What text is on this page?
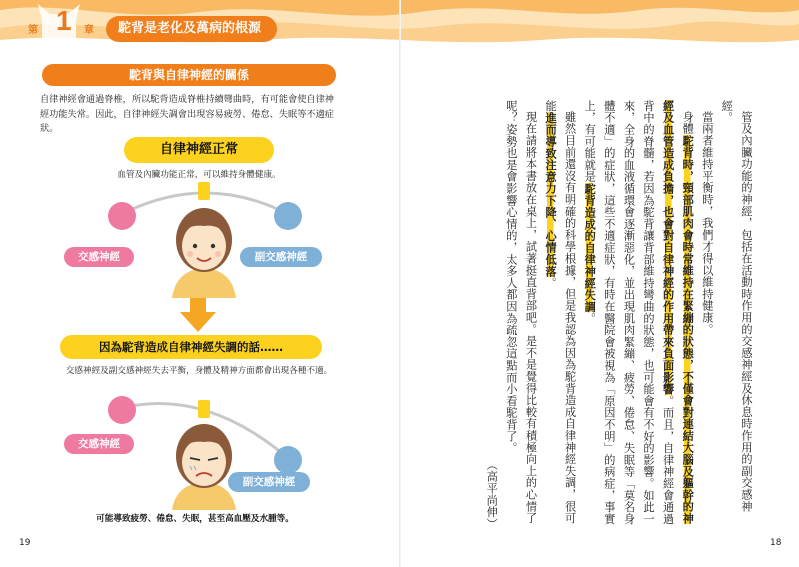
第 1 章	駝背是老化及萬病的根源
駝背與自律神經的關係
自律神經會通過脊椎，所以駝背造成脊椎持續彎曲時，有可能會使自律神經功能失常。因此，自律神經失調會出現容易疲勞、倦怠、失眠等不適症狀。
自律神經正常
血管及內臟功能正常，可以維持身體健康。
交感神經	副交感神經
因為駝背造成自律神經失調的話……
交感神經及副交感神經失去平衡，身體及精神方面都會出現各種不適。
交感神經
副交感神經
可能導致疲勞、倦怠、失眠，甚至高血壓及水腫等。
19

管及內臟功能的神經，包括在活動時作用的交感神經及休息時作用的副交感神經。

當兩者維持平衡時，我們才得以維持健康。

身體駝背時，頸部肌肉會時常維持在緊繃的狀態，不僅會對連結大腦及軀幹的神經及血管造成負擔，也會對自律神經的作用帶來負面影響。而且，自律神經會通過背中的脊髓，若因為駝背讓背部維持彎曲的狀態，也可能會有不好的影響。如此一來，全身的血液循環會逐漸惡化，並出現肌肉緊繃、疲勞、倦怠、失眠等「莫名身體不適」的症狀，這些不適症狀，有時在醫院會被視為「原因不明」的病症，事實上，有可能就是駝背造成的自律神經失調。

雖然目前還沒有明確的科學根據，但是我認為因為駝背造成自律神經失調，很可能進而導致注意力下降、心情低落。

現在請將本書放在桌上，試著挺直背部吧。是不是覺得比較有積極向上的心情了呢？姿勢也是會影響心情的，太多人都因為疏忽這點而小看駝背了。

（高平尚伸）

18
